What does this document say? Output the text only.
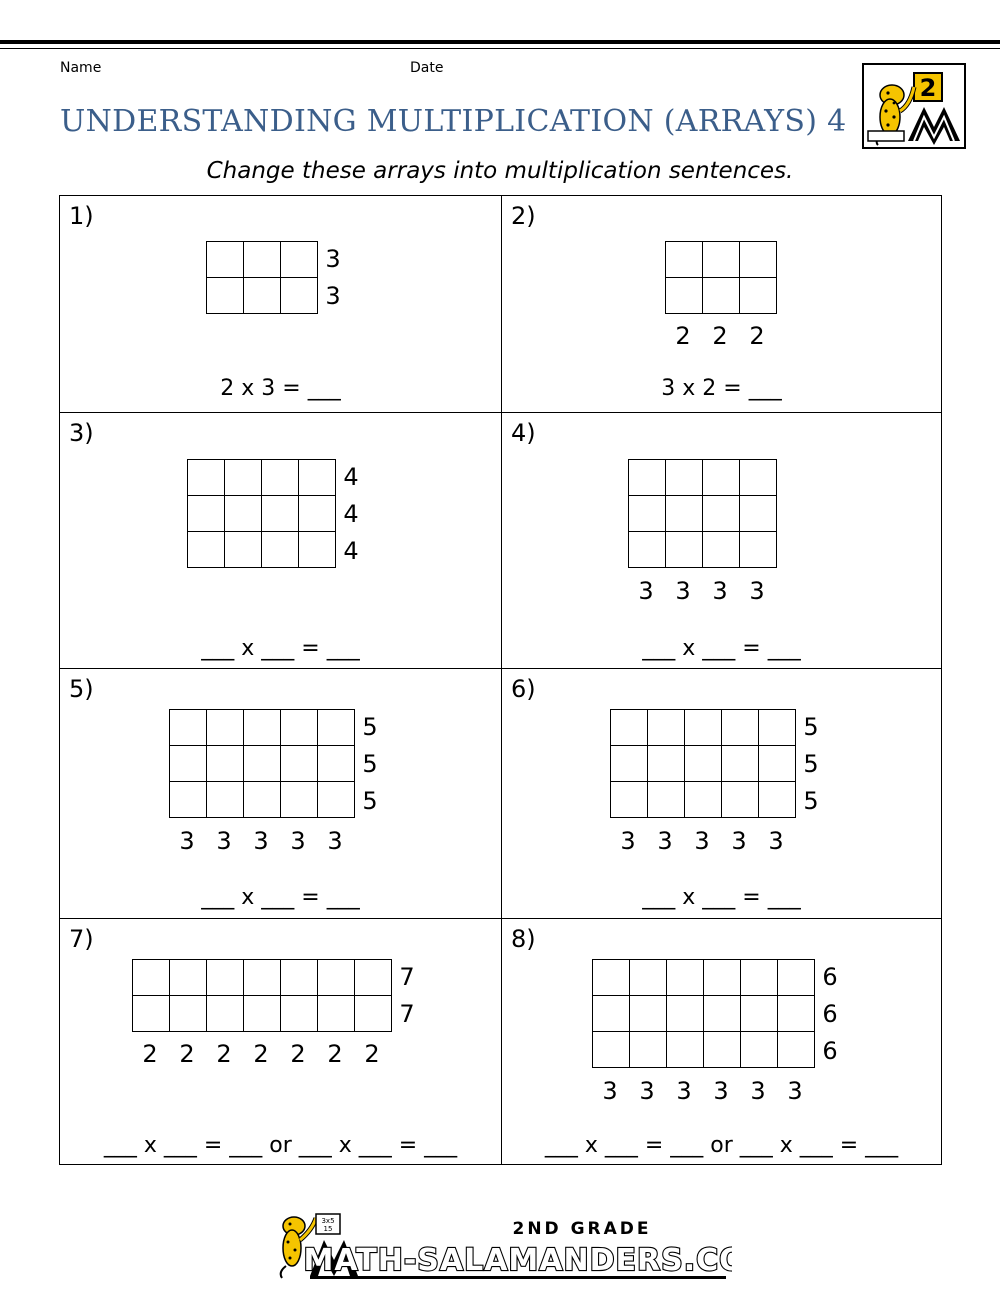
Name	Date
UNDERSTANDING MULTIPLICATION (ARRAYS) 4
Change these arrays into multiplication sentences.
2
1)

3
3
2 x 3 = ___
2)

2 2 2
3 x 2 = ___
3)

4
4
4
___ x ___ = ___
4)

3 3 3 3
___ x ___ = ___
5)

5
5
5
3 3 3 3 3
___ x ___ = ___
6)

5
5
5
3 3 3 3 3
___ x ___ = ___
7)

7
7
2 2 2 2 2 2 2
___ x ___ = ___ or ___ x ___ = ___
8)

6
6
6
3 3 3 3 3 3
___ x ___ = ___ or ___ x ___ = ___
3x5
15	2ND GRADE
MATH-SALAMANDERS.COM
